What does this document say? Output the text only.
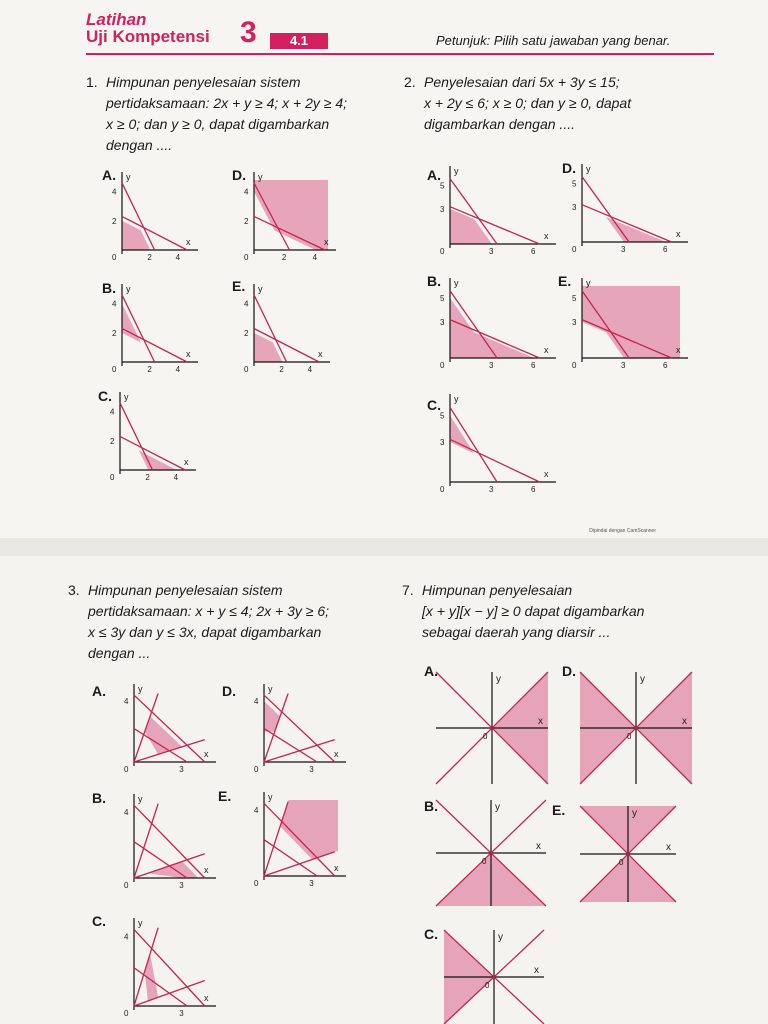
Latihan
Uji Kompetensi 3	4.1	Petunjuk: Pilih satu jawaban yang benar.
1. Himpunan penyelesaian sistem
pertidaksamaan: 2x + y ≥ 4; x + 2y ≥ 4;
x ≥ 0; dan y ≥ 0, dapat digambarkan
dengan ....
2. Penyelesaian dari 5x + 3y ≤ 15;
x + 2y ≤ 6; x ≥ 0; dan y ≥ 0, dapat
digambarkan dengan ....
3. Himpunan penyelesaian sistem
pertidaksamaan: x + y ≤ 4; 2x + 3y ≥ 6;
x ≤ 3y dan y ≤ 3x, dapat digambarkan
dengan ...
7. Himpunan penyelesaian
[x + y][x − y] ≥ 0 dapat digambarkan
sebagai daerah yang diarsir ...
A.	D.
B.	E.
C.
A.	D.
B.	E.
C.
A.	D.
B.	E.
C.
A.	D.
B.	E.
C.
x
y
0	2	4
2
4
x
y
0	2	4
2
4
x
y
0	2	4
2
4
x
y
0	2	4
2
4
x
y
0	2	4
2
4
x
y
0	3	6
5
3
x
y
0	3	6
5
3
x
y
0	3	6
5
3
x
y
0	3	6
5
3
x
y
0	3	6
5
3
x
y
0	3
4
x
y
0	3
4
x
y
0	3
4
x
y
0	3
4
x
y
0	3
4
x
y
0
x
y
0
x
y
0
x
y
0
x
y
0
Dipindai dengan CamScanner
